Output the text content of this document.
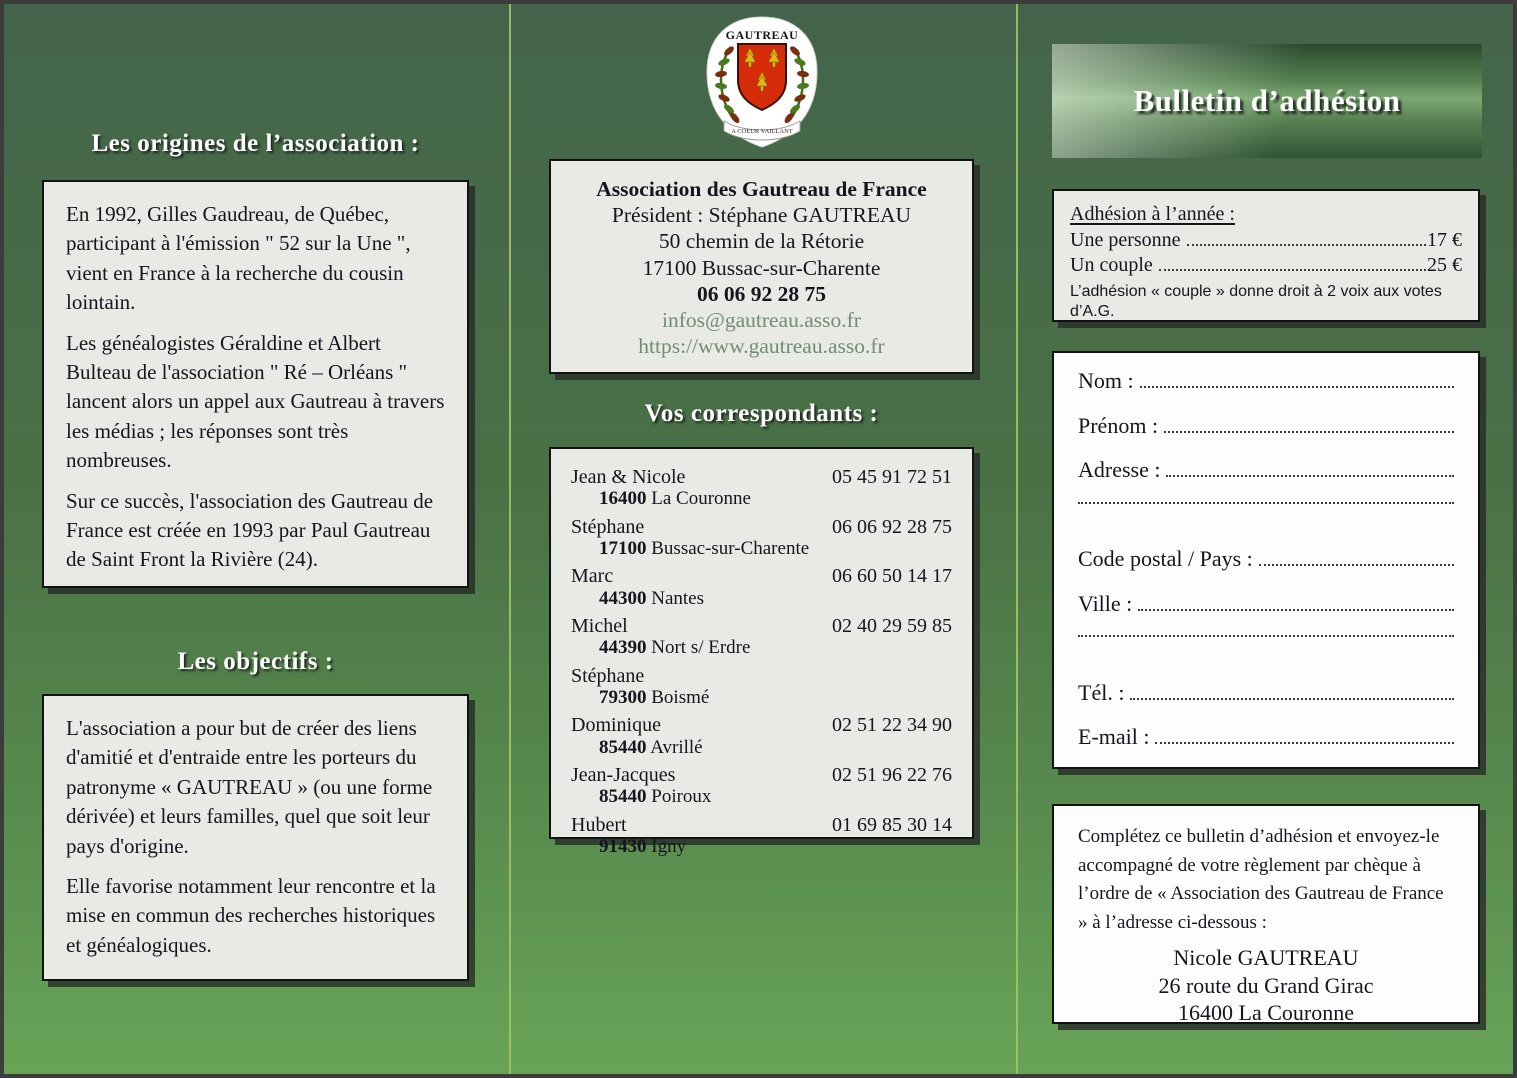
Les origines de l’association :

En 1992, Gilles Gaudreau, de Québec, participant à l'émission " 52 sur la Une ", vient en France à la recherche du cousin lointain.

Les généalogistes Géraldine et Albert Bulteau de l'association " Ré – Orléans " lancent alors un appel aux Gautreau à travers les médias ; les réponses sont très nombreuses.

Sur ce succès, l'association des Gautreau de France est créée en 1993 par Paul Gautreau de Saint Front la Rivière (24).

Les objectifs :

L'association a pour but de créer des liens d'amitié et d'entraide entre les porteurs du patronyme « GAUTREAU » (ou une forme dérivée) et leurs familles, quel que soit leur pays d'origine.

Elle favorise notamment leur rencontre et la mise en commun des recherches historiques et généalogiques.

GAUTREAU
A COEUR VAILLANT
Association des Gautreau de France
Président : Stéphane GAUTREAU
50 chemin de la Rétorie
17100 Bussac-sur-Charente
06 06 92 28 75
infos@gautreau.asso.fr
https://www.gautreau.asso.fr
Vos correspondants :
Jean & Nicole	05 45 91 72 51
16400 La Couronne
Stéphane	06 06 92 28 75
17100 Bussac-sur-Charente
Marc	06 60 50 14 17
44300 Nantes
Michel	02 40 29 59 85
44390 Nort s/ Erdre
Stéphane
79300 Boismé
Dominique	02 51 22 34 90
85440 Avrillé
Jean-Jacques	02 51 96 22 76
85440 Poiroux
Hubert	01 69 85 30 14
91430 Igny
Bulletin d’adhésion
Adhésion à l’année :
Une personne	17 €
Un couple	25 €
L’adhésion « couple » donne droit à 2 voix aux votes d’A.G.
Nom :
Prénom :
Adresse :
Code postal / Pays :
Ville :
Tél. :
E-mail :
Complétez ce bulletin d’adhésion et envoyez-le accompagné de votre règlement par chèque à l’ordre de « Association des Gautreau de France » à l’adresse ci-dessous :
Nicole GAUTREAU
26 route du Grand Girac
16400 La Couronne
